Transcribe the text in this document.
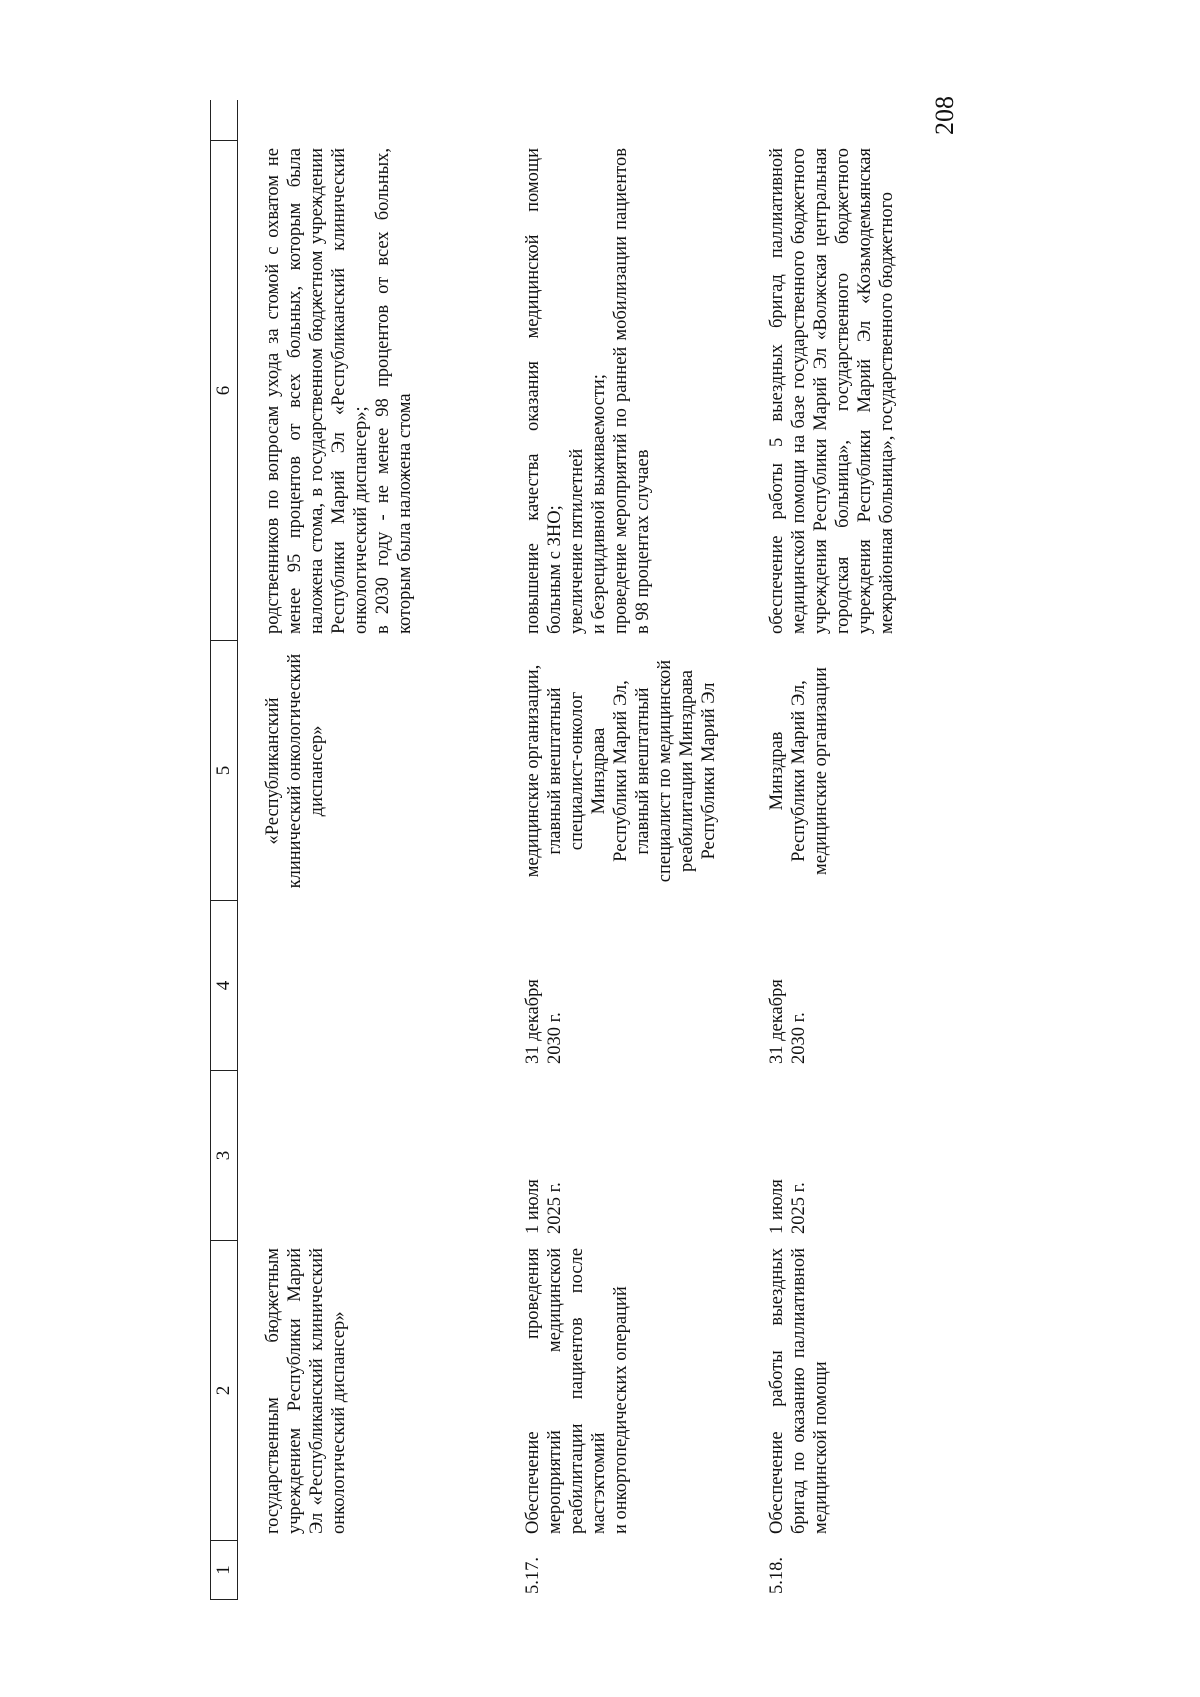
208
1
2
3
4
5
6
государственным бюджетным учреждением Республики Марий Эл «Республиканский клинический онкологический диспансер»
«Республиканский
клинический онкологический
диспансер»
родственников по вопросам ухода за стомой с охватом не менее 95 процентов от всех больных, которым была наложена стома, в государственном бюджетном учреждении Республики Марий Эл «Республиканский клинический онкологический диспансер»;
в 2030 году - не менее 98 процентов от всех больных, которым была наложена стома
5.17.
Обеспечение проведения мероприятий медицинской реабилитации пациентов после мастэктомий
и онкортопедических операций
1 июля
2025 г.
31 декабря
2030 г.
медицинские организации,
главный внештатный
специалист-онколог
Минздрава
Республики Марий Эл,
главный внештатный
специалист по медицинской
реабилитации Минздрава
Республики Марий Эл
повышение качества оказания медицинской помощи больным с ЗНО;
увеличение пятилетней
и безрецидивной выживаемости;
проведение мероприятий по ранней мобилизации пациентов в 98 процентах случаев
5.18.
Обеспечение работы выездных бригад по оказанию паллиативной медицинской помощи
1 июля
2025 г.
31 декабря
2030 г.
Минздрав
Республики Марий Эл,
медицинские организации
обеспечение работы 5 выездных бригад паллиативной медицинской помощи на базе государственного бюджетного учреждения Республики Марий Эл «Волжская центральная городская больница», государственного бюджетного учреждения Республики Марий Эл «Козьмодемьянская межрайонная больница», государственного бюджетного
